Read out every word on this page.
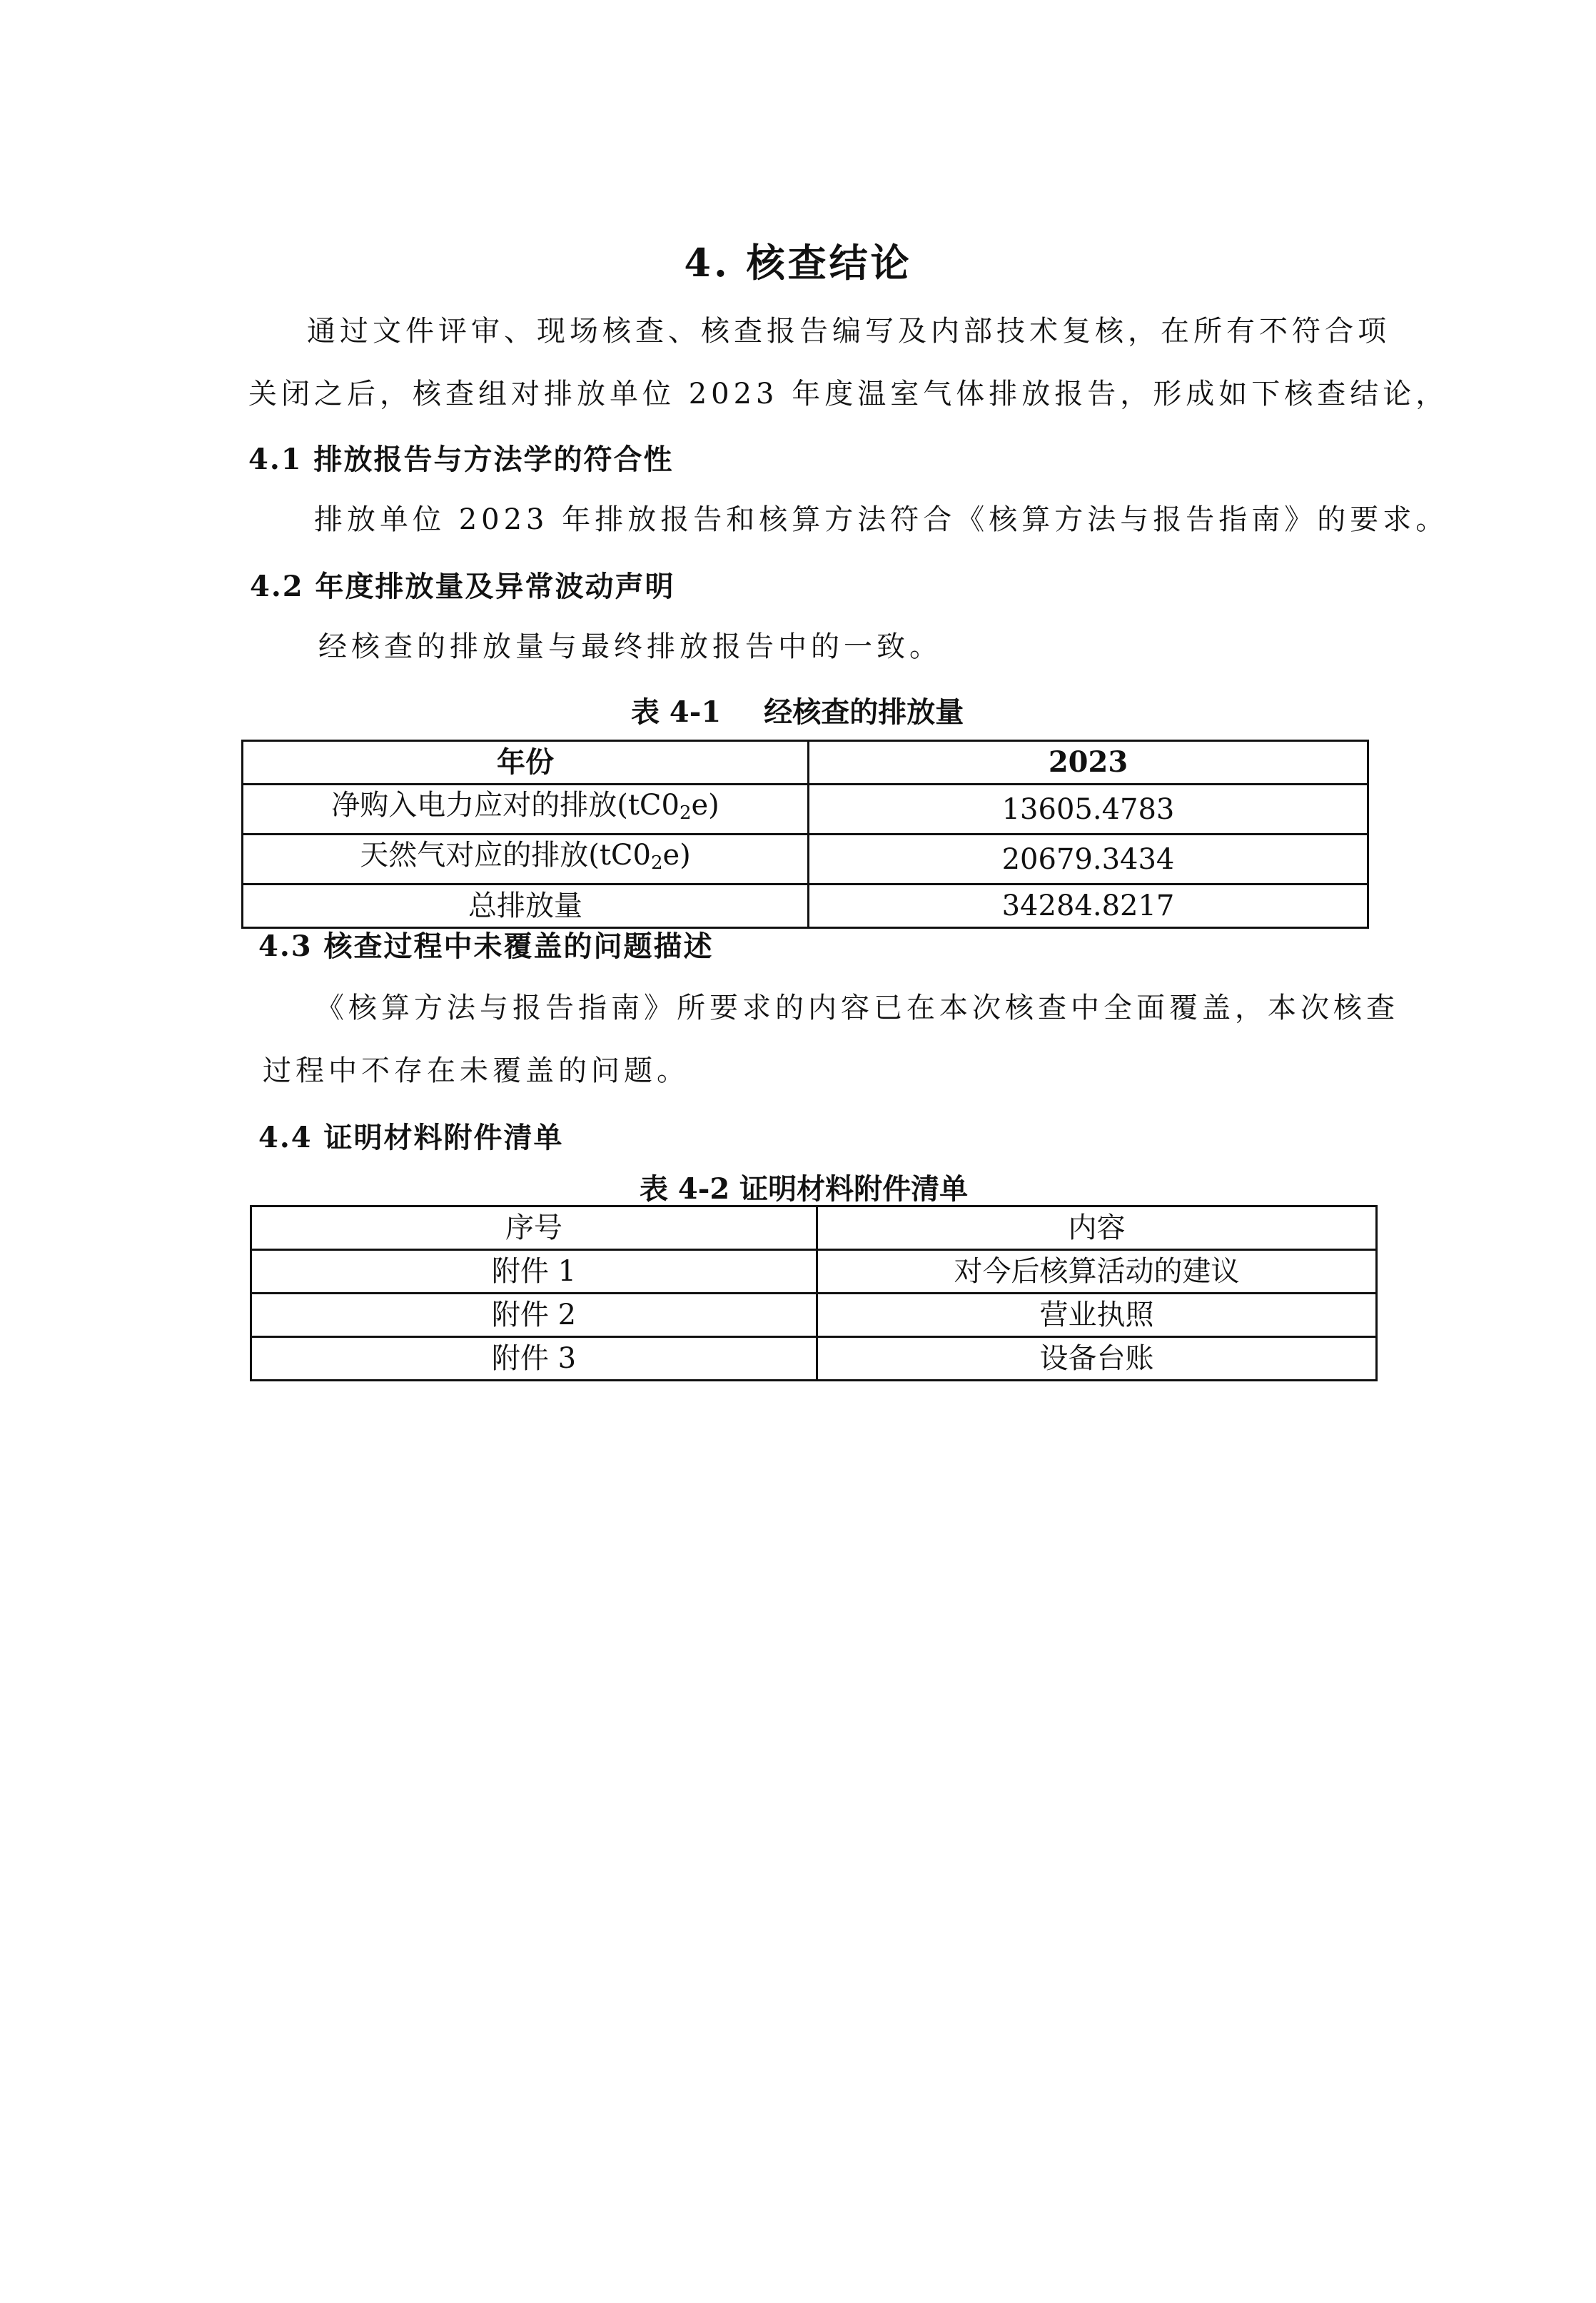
4. 核查结论
通过文件评审、现场核查、核查报告编写及内部技术复核，在所有不符合项
关闭之后，核查组对排放单位 2023 年度温室气体排放报告，形成如下核查结论，
4.1 排放报告与方法学的符合性
排放单位 2023 年排放报告和核算方法符合《核算方法与报告指南》的要求。
4.2 年度排放量及异常波动声明
经核查的排放量与最终排放报告中的一致。
表 4-1 经核查的排放量
年份	2023
净购入电力应对的排放$(tC0_2e)$	13605.4783
天然气对应的排放$(tC0_2e)$	20679.3434
总排放量	34284.8217
4.3 核查过程中未覆盖的问题描述
《核算方法与报告指南》所要求的内容已在本次核查中全面覆盖，本次核查
过程中不存在未覆盖的问题。
4.4 证明材料附件清单
表 4-2 证明材料附件清单
序号	内容
附件 1	对今后核算活动的建议
附件 2	营业执照
附件 3	设备台账
